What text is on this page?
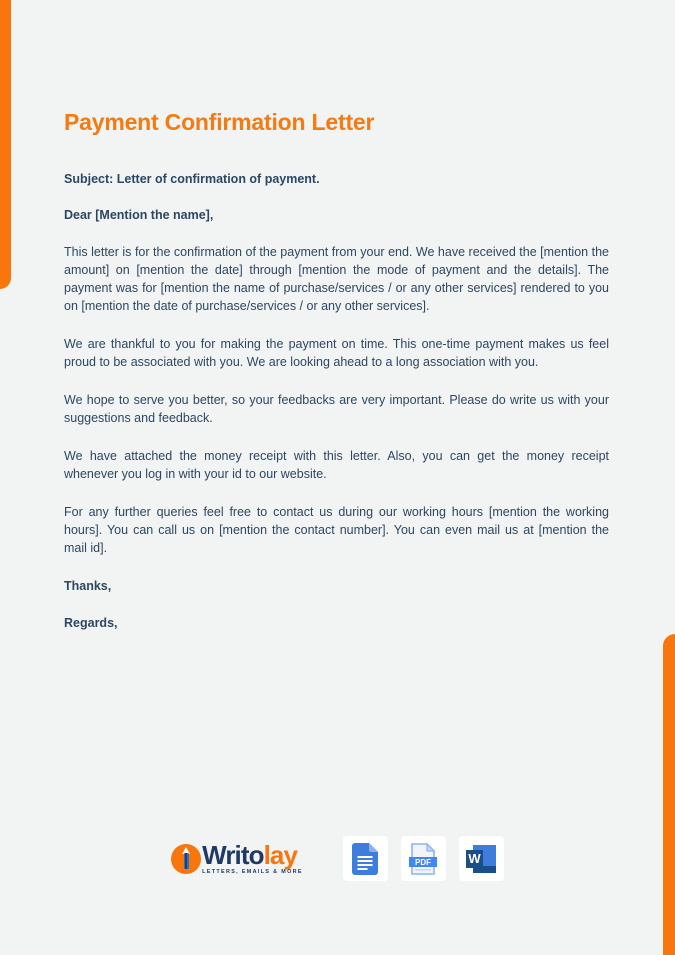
Payment Confirmation Letter

Subject: Letter of confirmation of payment.

Dear [Mention the name],

This letter is for the confirmation of the payment from your end. We have received the [mention the amount] on [mention the date] through [mention the mode of payment and the details]. The payment was for [mention the name of purchase/services / or any other services] rendered to you on [mention the date of purchase/services / or any other services].

We are thankful to you for making the payment on time. This one-time payment makes us feel proud to be associated with you. We are looking ahead to a long association with you.

We hope to serve you better, so your feedbacks are very important. Please do write us with your suggestions and feedback.

We have attached the money receipt with this letter. Also, you can get the money receipt whenever you log in with your id to our website.

For any further queries feel free to contact us during our working hours [mention the working hours]. You can call us on [mention the contact number]. You can even mail us at [mention the mail id].

Thanks,

Regards,

Writolay
LETTERS, EMAILS & MORE
PDF	W
